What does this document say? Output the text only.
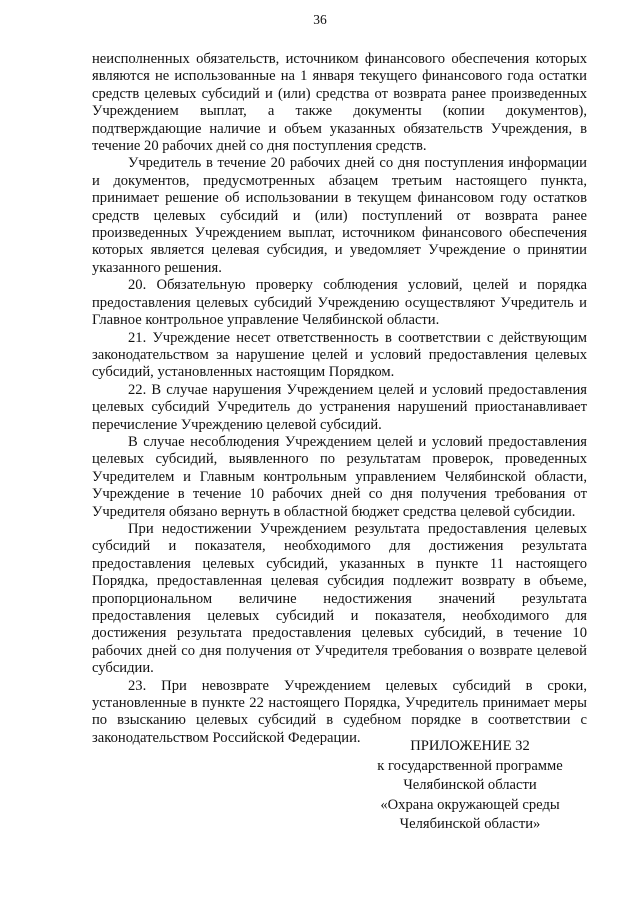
36

неисполненных обязательств, источником финансового обеспечения которых являются не использованные на 1 января текущего финансового года остатки средств целевых субсидий и (или) средства от возврата ранее произведенных Учреждением выплат, а также документы (копии документов), подтверждающие наличие и объем указанных обязательств Учреждения, в течение 20 рабочих дней со дня поступления средств.

Учредитель в течение 20 рабочих дней со дня поступления информации и документов, предусмотренных абзацем третьим настоящего пункта, принимает решение об использовании в текущем финансовом году остатков средств целевых субсидий и (или) поступлений от возврата ранее произведенных Учреждением выплат, источником финансового обеспечения которых является целевая субсидия, и уведомляет Учреждение о принятии указанного решения.

20. Обязательную проверку соблюдения условий, целей и порядка предоставления целевых субсидий Учреждению осуществляют Учредитель и Главное контрольное управление Челябинской области.

21. Учреждение несет ответственность в соответствии с действующим законодательством за нарушение целей и условий предоставления целевых субсидий, установленных настоящим Порядком.

22. В случае нарушения Учреждением целей и условий предоставления целевых субсидий Учредитель до устранения нарушений приостанавливает перечисление Учреждению целевой субсидий.

В случае несоблюдения Учреждением целей и условий предоставления целевых субсидий, выявленного по результатам проверок, проведенных Учредителем и Главным контрольным управлением Челябинской области, Учреждение в течение 10 рабочих дней со дня получения требования от Учредителя обязано вернуть в областной бюджет средства целевой субсидии.

При недостижении Учреждением результата предоставления целевых субсидий и показателя, необходимого для достижения результата предоставления целевых субсидий, указанных в пункте 11 настоящего Порядка, предоставленная целевая субсидия подлежит возврату в объеме, пропорциональном величине недостижения значений результата предоставления целевых субсидий и показателя, необходимого для достижения результата предоставления целевых субсидий, в течение 10 рабочих дней со дня получения от Учредителя требования о возврате целевой субсидии.

23. При невозврате Учреждением целевых субсидий в сроки, установленные в пункте 22 настоящего Порядка, Учредитель принимает меры по взысканию целевых субсидий в судебном порядке в соответствии с законодательством Российской Федерации.

ПРИЛОЖЕНИЕ 32
к государственной программе
Челябинской области
«Охрана окружающей среды
Челябинской области»
